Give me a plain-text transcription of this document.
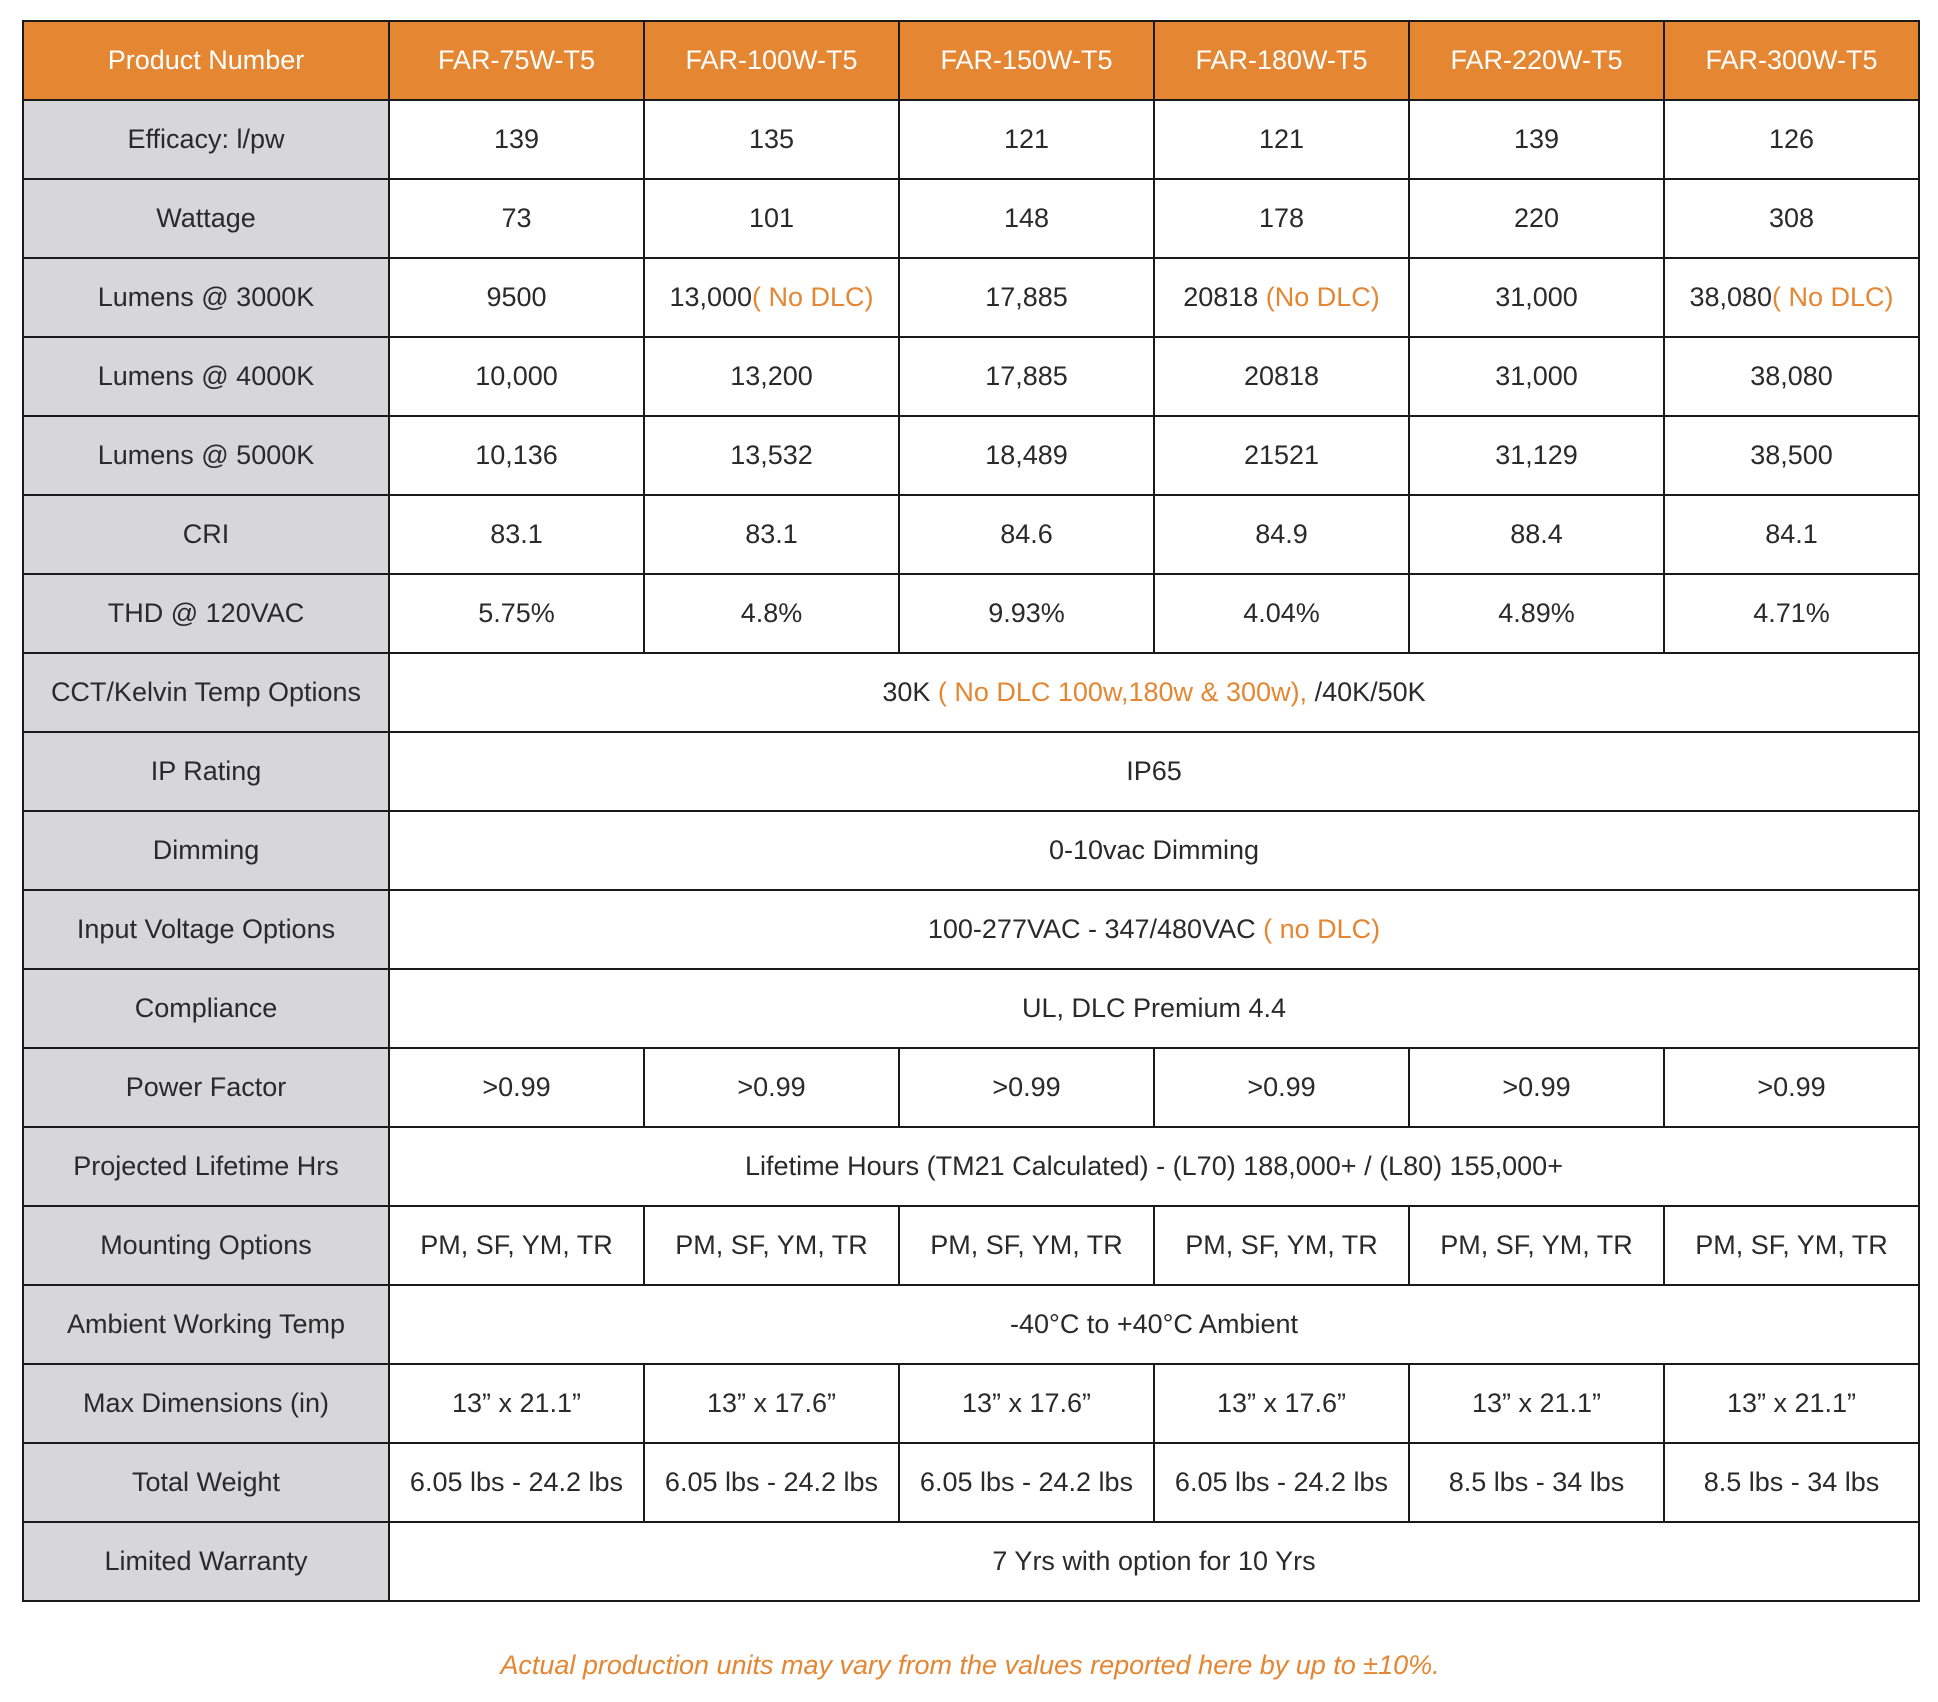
Product Number	FAR-75W-T5	FAR-100W-T5	FAR-150W-T5	FAR-180W-T5	FAR-220W-T5	FAR-300W-T5
Efficacy: l/pw	139	135	121	121	139	126
Wattage	73	101	148	178	220	308
Lumens @ 3000K	9500	13,000( No DLC)	17,885	20818 (No DLC)	31,000	38,080( No DLC)
Lumens @ 4000K	10,000	13,200	17,885	20818	31,000	38,080
Lumens @ 5000K	10,136	13,532	18,489	21521	31,129	38,500
CRI	83.1	83.1	84.6	84.9	88.4	84.1
THD @ 120VAC	5.75%	4.8%	9.93%	4.04%	4.89%	4.71%
CCT/Kelvin Temp Options	30K ( No DLC 100w,180w & 300w), /40K/50K					
IP Rating	IP65					
Dimming	0-10vac Dimming					
Input Voltage Options	100-277VAC - 347/480VAC ( no DLC)					
Compliance	UL, DLC Premium 4.4					
Power Factor	>0.99	>0.99	>0.99	>0.99	>0.99	>0.99
Projected Lifetime Hrs	Lifetime Hours (TM21 Calculated) - (L70) 188,000+ / (L80) 155,000+					
Mounting Options	PM, SF, YM, TR	PM, SF, YM, TR	PM, SF, YM, TR	PM, SF, YM, TR	PM, SF, YM, TR	PM, SF, YM, TR
Ambient Working Temp	-40°C to +40°C Ambient					
Max Dimensions (in)	13” x 21.1”	13” x 17.6”	13” x 17.6”	13” x 17.6”	13” x 21.1”	13” x 21.1”
Total Weight	6.05 lbs - 24.2 lbs	6.05 lbs - 24.2 lbs	6.05 lbs - 24.2 lbs	6.05 lbs - 24.2 lbs	8.5 lbs - 34 lbs	8.5 lbs - 34 lbs
Limited Warranty	7 Yrs with option for 10 Yrs					
Actual production units may vary from the values reported here by up to ±10%.
